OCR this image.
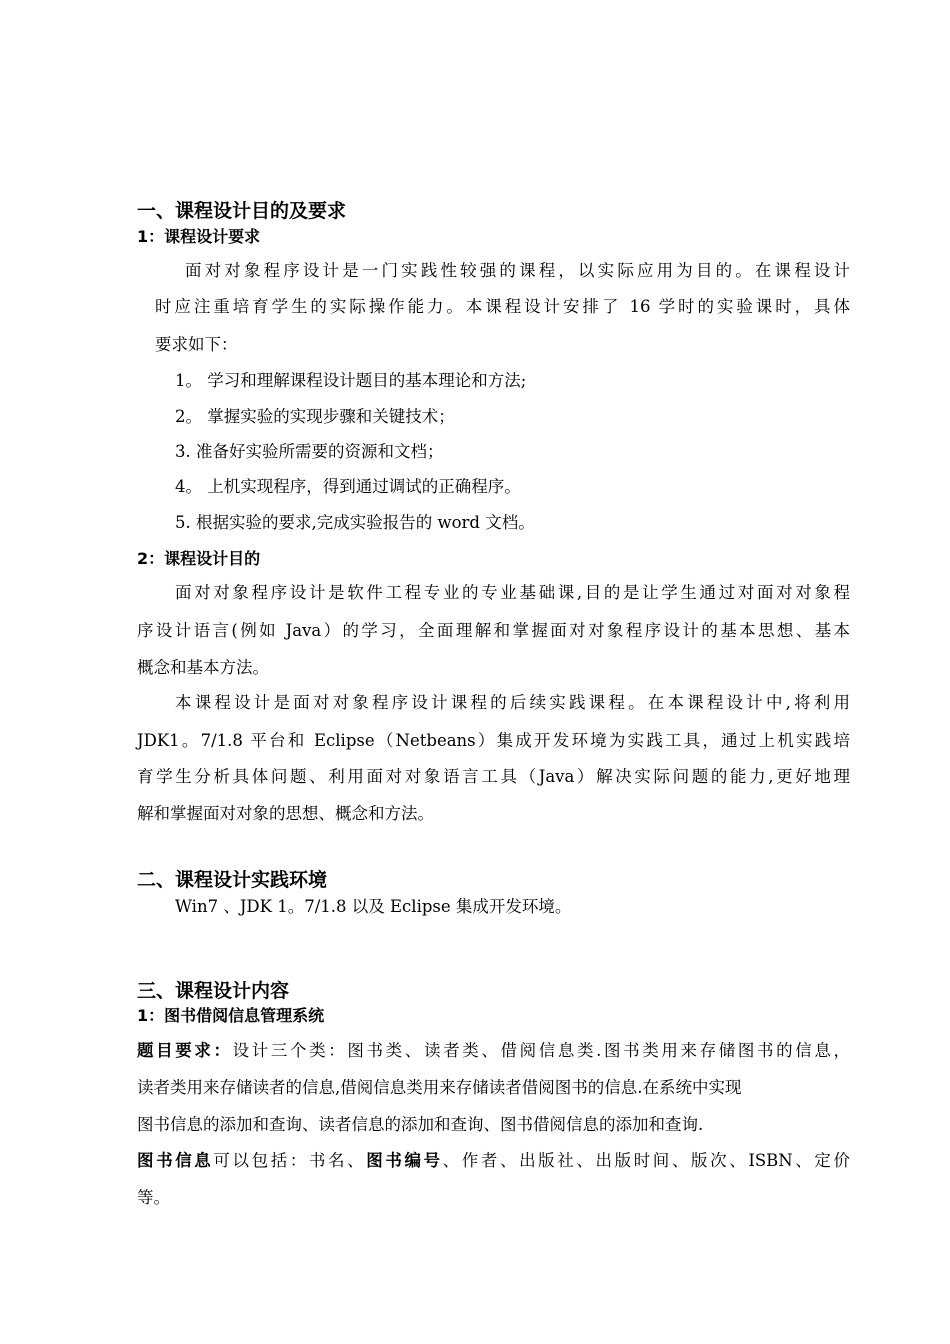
一、课程设计目的及要求
1：课程设计要求
面对对象程序设计是一门实践性较强的课程，以实际应用为目的。在课程设计
时应注重培育学生的实际操作能力。本课程设计安排了 16 学时的实验课时，具体
要求如下：
1。 学习和理解课程设计题目的基本理论和方法;
2。 掌握实验的实现步骤和关键技术；
3. 准备好实验所需要的资源和文档；
4。 上机实现程序，得到通过调试的正确程序。
5. 根据实验的要求,完成实验报告的 word 文档。
2：课程设计目的
面对对象程序设计是软件工程专业的专业基础课,目的是让学生通过对面对对象程
序设计语言(例如 Java）的学习，全面理解和掌握面对对象程序设计的基本思想、基本
概念和基本方法。
本课程设计是面对对象程序设计课程的后续实践课程。在本课程设计中,将利用
JDK1。7/1.8 平台和 Eclipse（Netbeans）集成开发环境为实践工具，通过上机实践培
育学生分析具体问题、利用面对对象语言工具（Java）解决实际问题的能力,更好地理
解和掌握面对对象的思想、概念和方法。
二、课程设计实践环境
Win7 、JDK 1。7/1.8 以及 Eclipse 集成开发环境。
三、课程设计内容
1：图书借阅信息管理系统
题目要求：设计三个类：图书类、读者类、借阅信息类.图书类用来存储图书的信息，
读者类用来存储读者的信息,借阅信息类用来存储读者借阅图书的信息.在系统中实现
图书信息的添加和查询、读者信息的添加和查询、图书借阅信息的添加和查询.
图书信息可以包括：书名、图书编号、作者、出版社、出版时间、版次、ISBN、定价
等。
